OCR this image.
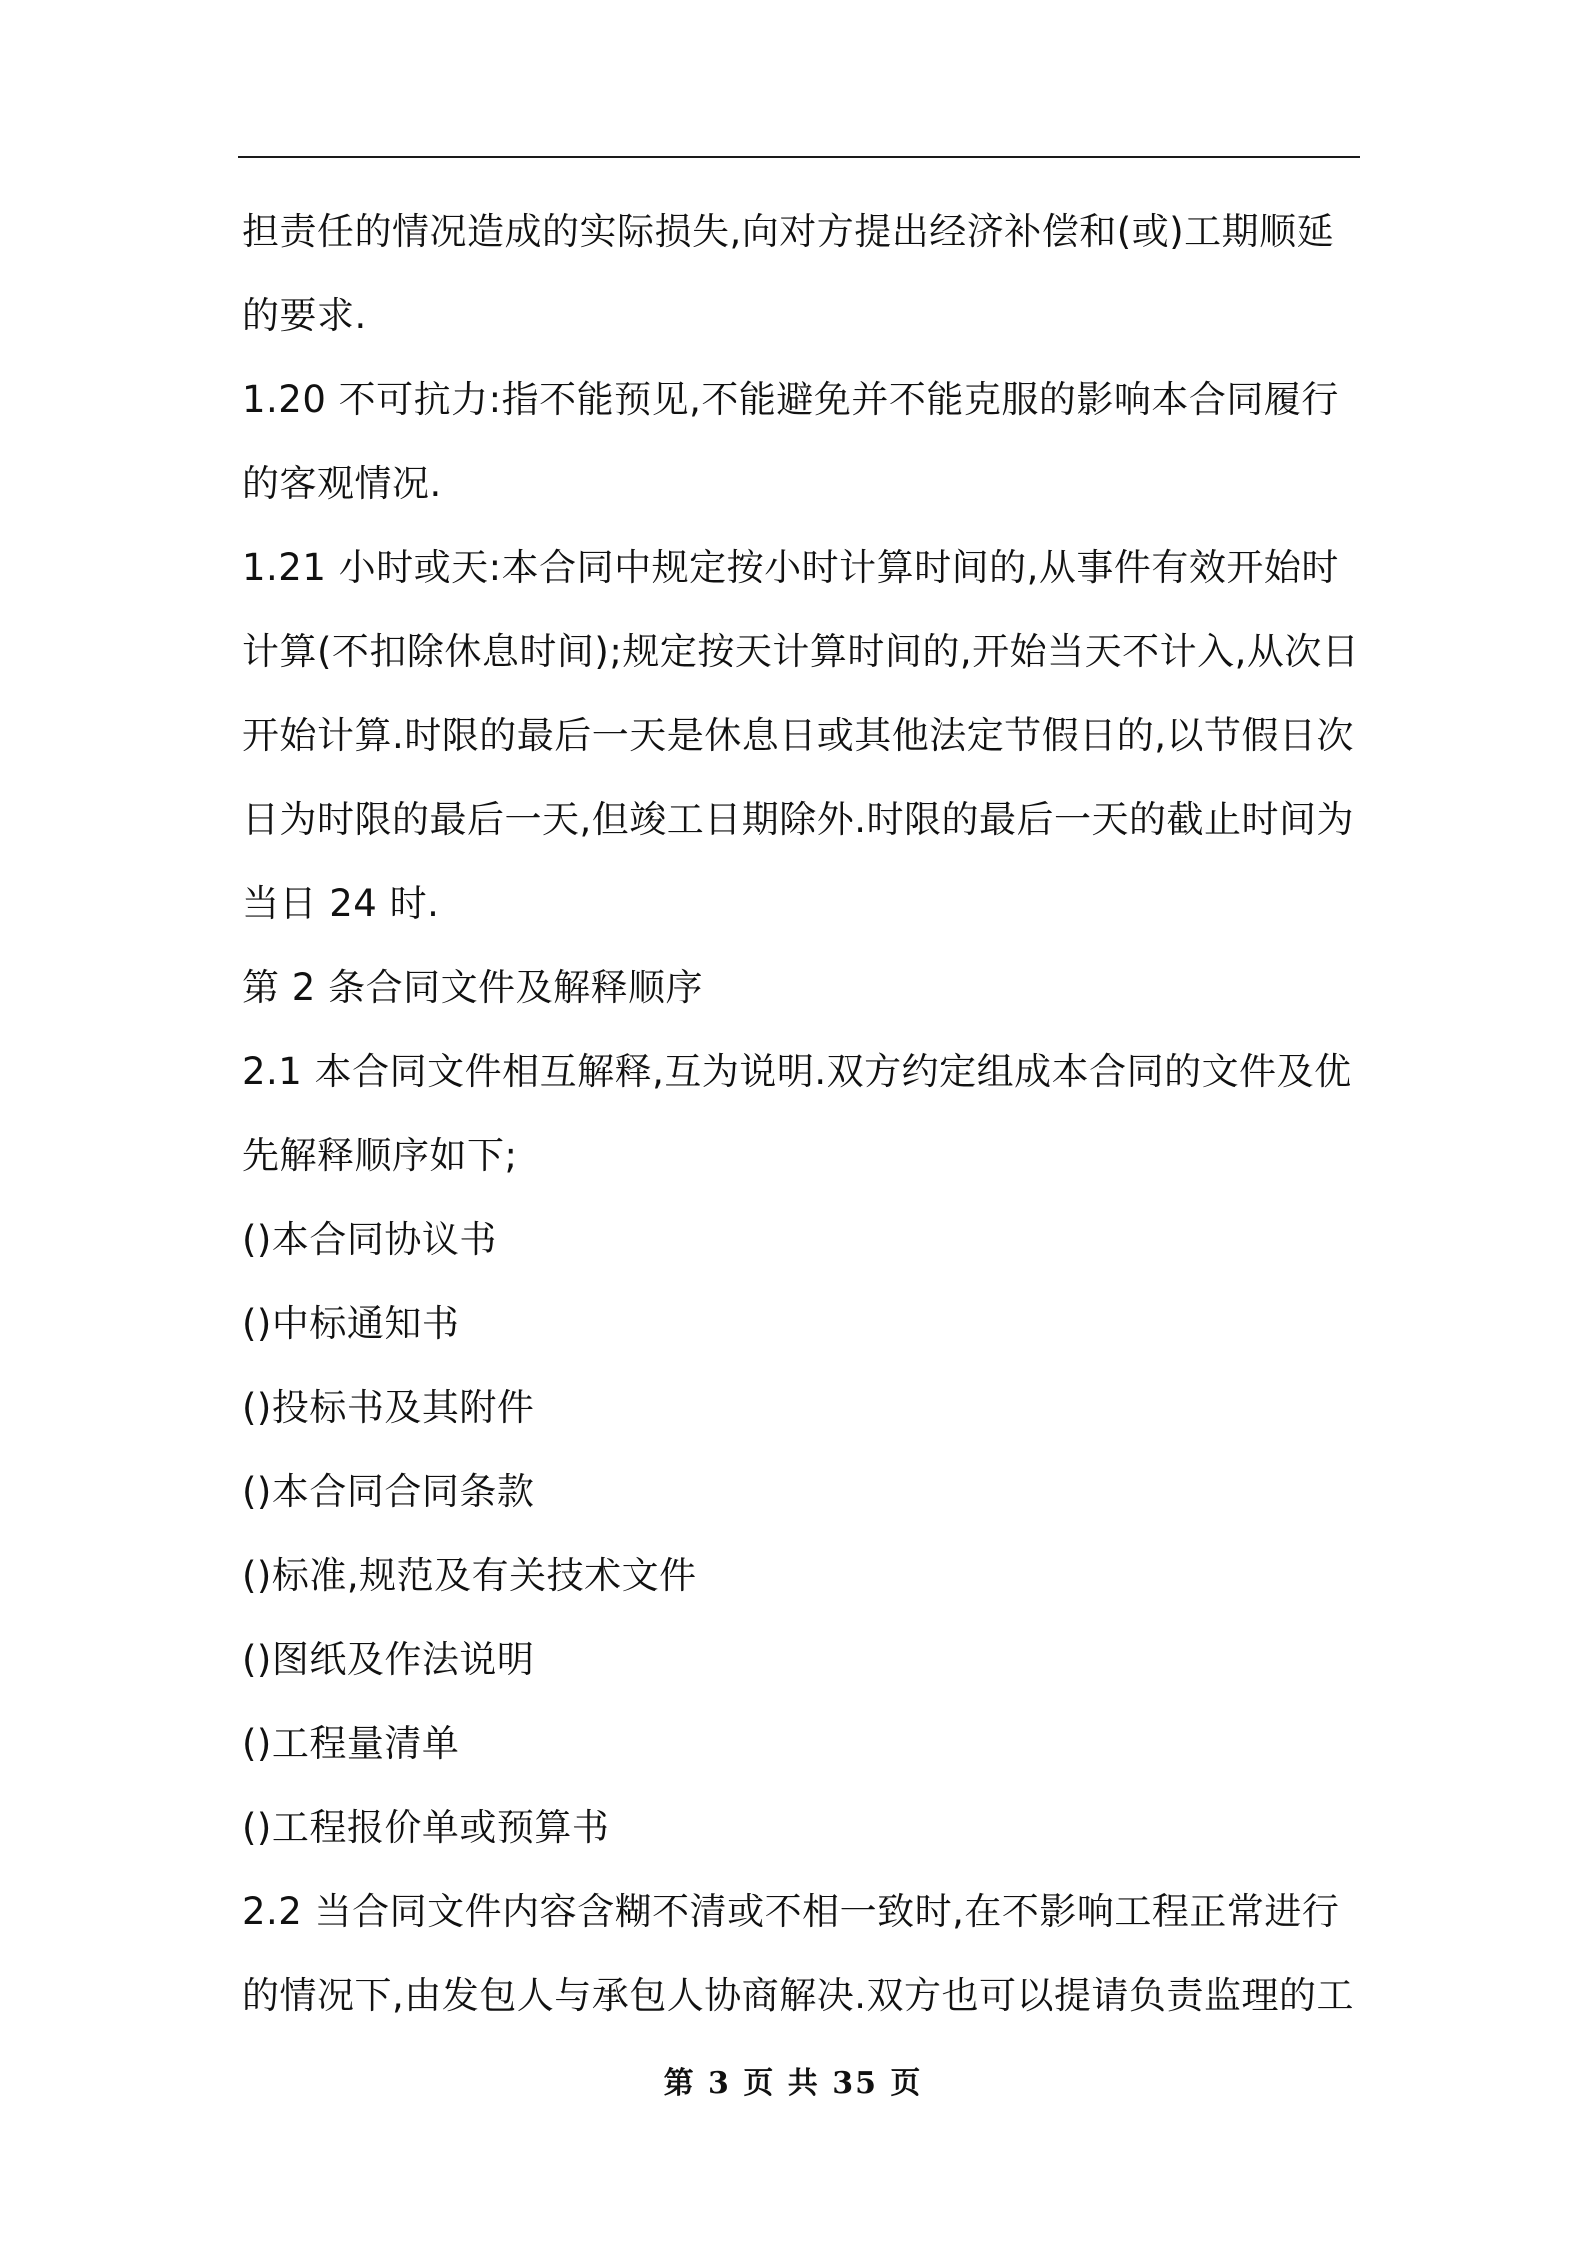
担责任的情况造成的实际损失,向对方提出经济补偿和(或)工期顺延

的要求.

1.20 不可抗力:指不能预见,不能避免并不能克服的影响本合同履行

的客观情况.

1.21 小时或天:本合同中规定按小时计算时间的,从事件有效开始时

计算(不扣除休息时间);规定按天计算时间的,开始当天不计入,从次日

开始计算.时限的最后一天是休息日或其他法定节假日的,以节假日次

日为时限的最后一天,但竣工日期除外.时限的最后一天的截止时间为

当日 24 时.

第 2 条合同文件及解释顺序

2.1 本合同文件相互解释,互为说明.双方约定组成本合同的文件及优

先解释顺序如下;

()本合同协议书

()中标通知书

()投标书及其附件

()本合同合同条款

()标准,规范及有关技术文件

()图纸及作法说明

()工程量清单

()工程报价单或预算书

2.2 当合同文件内容含糊不清或不相一致时,在不影响工程正常进行

的情况下,由发包人与承包人协商解决.双方也可以提请负责监理的工

第 3 页 共 35 页
